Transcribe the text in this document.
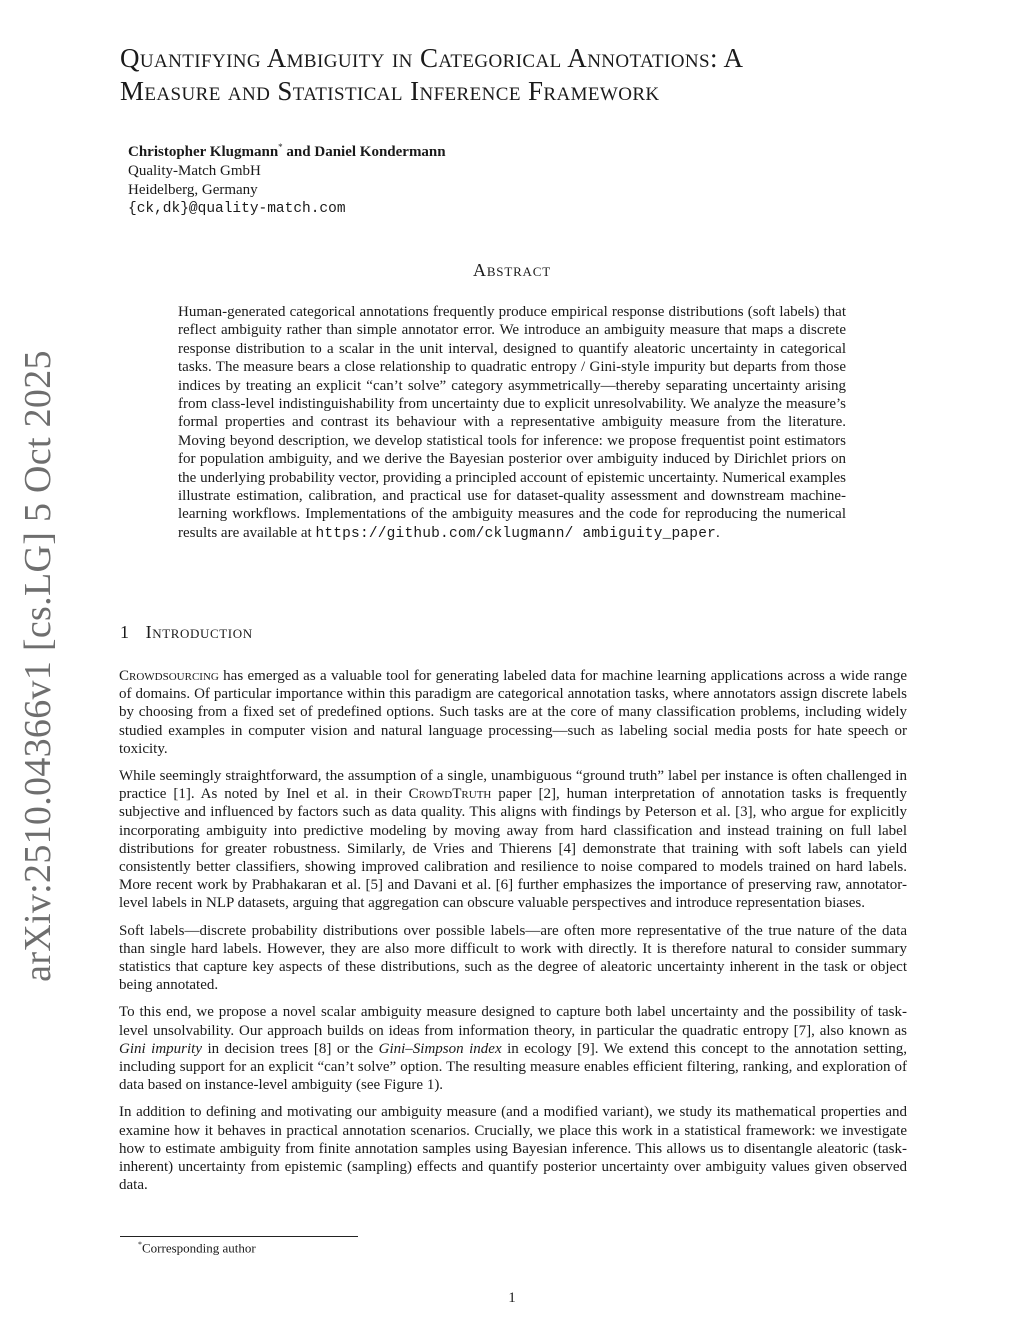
arXiv:2510.04366v1 [cs.LG] 5 Oct 2025
Quantifying Ambiguity in Categorical Annotations: A
Measure and Statistical Inference Framework
Christopher Klugmann* and Daniel Kondermann
Quality-Match GmbH
Heidelberg, Germany
{ck,dk}@quality-match.com
Abstract

Human-generated categorical annotations frequently produce empirical response distributions (soft labels) that reflect ambiguity rather than simple annotator error. We introduce an ambiguity measure that maps a discrete response distribution to a scalar in the unit interval, designed to quantify aleatoric uncertainty in categorical tasks. The measure bears a close relationship to quadratic entropy / Gini-style impurity but departs from those indices by treating an explicit “can’t solve” category asymmetrically—thereby separating uncertainty arising from class-level indistinguishability from uncertainty due to explicit unresolvability. We analyze the measure’s formal properties and contrast its behaviour with a representative ambiguity measure from the literature. Moving beyond description, we develop statistical tools for inference: we propose frequentist point estimators for population ambiguity, and we derive the Bayesian posterior over ambiguity induced by Dirichlet priors on the underlying probability vector, providing a principled account of epistemic uncertainty. Numerical examples illustrate estimation, calibration, and practical use for dataset-quality assessment and downstream machine-learning workflows. Implementations of the ambiguity measures and the code for reproducing the numerical results are available at https://github.com/cklugmann/ ambiguity_paper.

1 Introduction

Crowdsourcing has emerged as a valuable tool for generating labeled data for machine learning applications across a wide range of domains. Of particular importance within this paradigm are categorical annotation tasks, where annotators assign discrete labels by choosing from a fixed set of predefined options. Such tasks are at the core of many classification problems, including widely studied examples in computer vision and natural language processing—such as labeling social media posts for hate speech or toxicity.

While seemingly straightforward, the assumption of a single, unambiguous “ground truth” label per instance is often challenged in practice [1]. As noted by Inel et al. in their CrowdTruth paper [2], human interpretation of annotation tasks is frequently subjective and influenced by factors such as data quality. This aligns with findings by Peterson et al. [3], who argue for explicitly incorporating ambiguity into predictive modeling by moving away from hard classification and instead training on full label distributions for greater robustness. Similarly, de Vries and Thierens [4] demonstrate that training with soft labels can yield consistently better classifiers, showing improved calibration and resilience to noise compared to models trained on hard labels. More recent work by Prabhakaran et al. [5] and Davani et al. [6] further emphasizes the importance of preserving raw, annotator-level labels in NLP datasets, arguing that aggregation can obscure valuable perspectives and introduce representation biases.

Soft labels—discrete probability distributions over possible labels—are often more representative of the true nature of the data than single hard labels. However, they are also more difficult to work with directly. It is therefore natural to consider summary statistics that capture key aspects of these distributions, such as the degree of aleatoric uncertainty inherent in the task or object being annotated.

To this end, we propose a novel scalar ambiguity measure designed to capture both label uncertainty and the possibility of task-level unsolvability. Our approach builds on ideas from information theory, in particular the quadratic entropy [7], also known as Gini impurity in decision trees [8] or the Gini–Simpson index in ecology [9]. We extend this concept to the annotation setting, including support for an explicit “can’t solve” option. The resulting measure enables efficient filtering, ranking, and exploration of data based on instance-level ambiguity (see Figure 1).

In addition to defining and motivating our ambiguity measure (and a modified variant), we study its mathematical properties and examine how it behaves in practical annotation scenarios. Crucially, we place this work in a statistical framework: we investigate how to estimate ambiguity from finite annotation samples using Bayesian inference. This allows us to disentangle aleatoric (task-inherent) uncertainty from epistemic (sampling) effects and quantify posterior uncertainty over ambiguity values given observed data.

*Corresponding author
1
